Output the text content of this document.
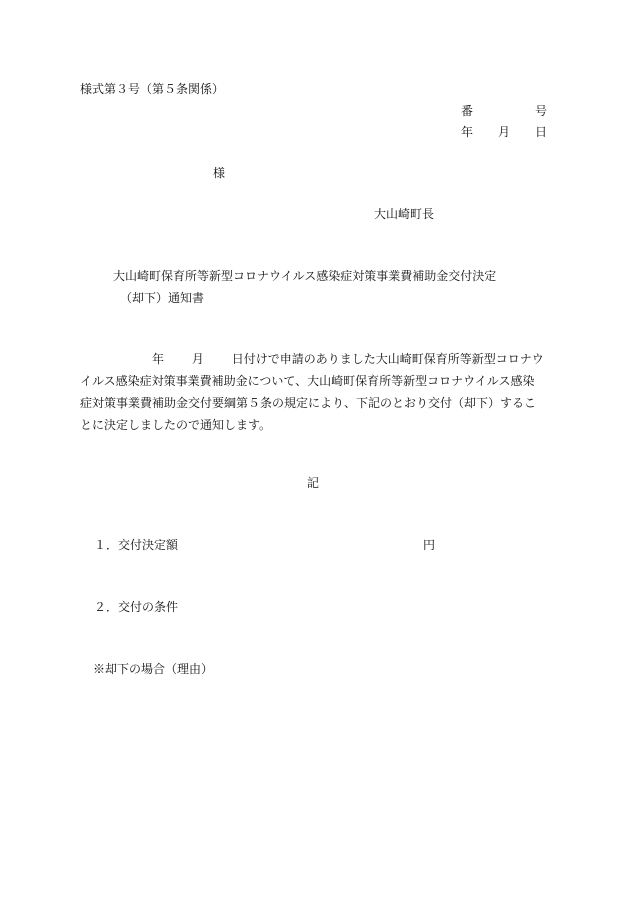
様式第３号（第５条関係）
番	号
年 月 日
様
大山崎町長
大山崎町保育所等新型コロナウイルス感染症対策事業費補助金交付決定
（却下）通知書

年 月 日付けで申請のありました大山崎町保育所等新型コロナウ

イルス感染症対策事業費補助金について、大山崎町保育所等新型コロナウイルス感染

症対策事業費補助金交付要綱第５条の規定により、下記のとおり交付（却下）するこ

とに決定しましたので通知します。

記
１．交付決定額	円
２．交付の条件
※却下の場合（理由）
